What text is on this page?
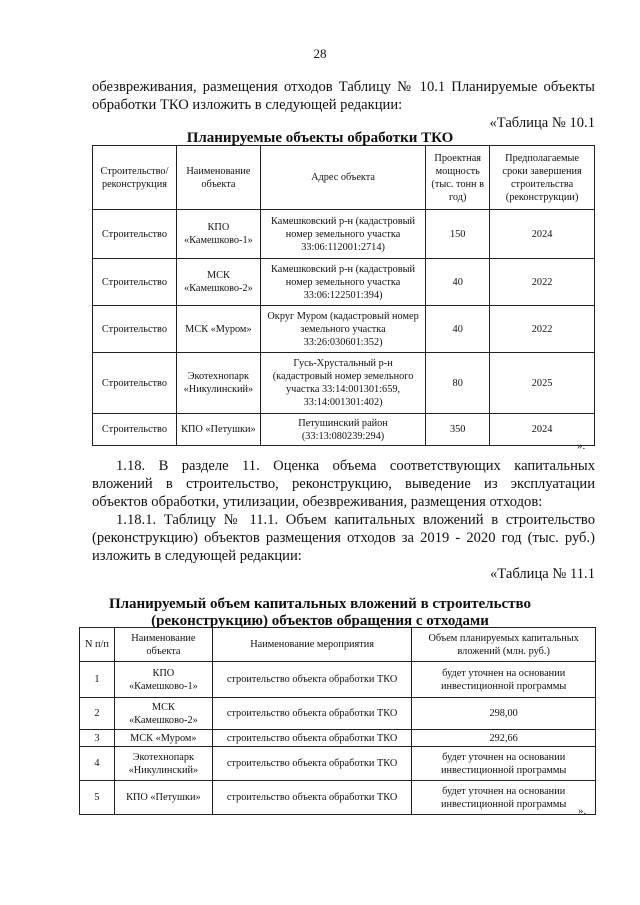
28
обезвреживания, размещения отходов Таблицу № 10.1 Планируемые объекты
обработки ТКО изложить в следующей редакции:
«Таблица № 10.1
Планируемые объекты обработки ТКО
Строительство/ реконструкция	Наименование объекта	Адрес объекта	Проектная мощность (тыс. тонн в год)	Предполагаемые сроки завершения строительства (реконструкции)
Строительство	КПО «Камешково-1»	Камешковский р-н (кадастровый номер земельного участка 33:06:112001:2714)	150	2024
Строительство	МСК «Камешково-2»	Камешковский р-н (кадастровый номер земельного участка 33:06:122501:394)	40	2022
Строительство	МСК «Муром»	Округ Муром (кадастровый номер земельного участка 33:26:030601:352)	40	2022
Строительство	Экотехнопарк «Никулинский»	Гусь-Хрустальный р-н (кадастровый номер земельного участка 33:14:001301:659, 33:14:001301:402)	80	2025
Строительство	КПО «Петушки»	Петушинский район (33:13:080239:294)	350	2024
».
1.18. В разделе 11. Оценка объема соответствующих капитальных
вложений в строительство, реконструкцию, выведение из эксплуатации
объектов обработки, утилизации, обезвреживания, размещения отходов:
1.18.1. Таблицу № 11.1. Объем капитальных вложений в строительство
(реконструкцию) объектов размещения отходов за 2019 - 2020 год (тыс. руб.)
изложить в следующей редакции:
«Таблица № 11.1
Планируемый объем капитальных вложений в строительство
(реконструкцию) объектов обращения с отходами
N п/п	Наименование объекта	Наименование мероприятия	Объем планируемых капитальных вложений (млн. руб.)
1	КПО «Камешково-1»	строительство объекта обработки ТКО	будет уточнен на основании инвестиционной программы
2	МСК «Камешково-2»	строительство объекта обработки ТКО	298,00
3	МСК «Муром»	строительство объекта обработки ТКО	292,66
4	Экотехнопарк «Никулинский»	строительство объекта обработки ТКО	будет уточнен на основании инвестиционной программы
5	КПО «Петушки»	строительство объекта обработки ТКО	будет уточнен на основании инвестиционной программы
».
